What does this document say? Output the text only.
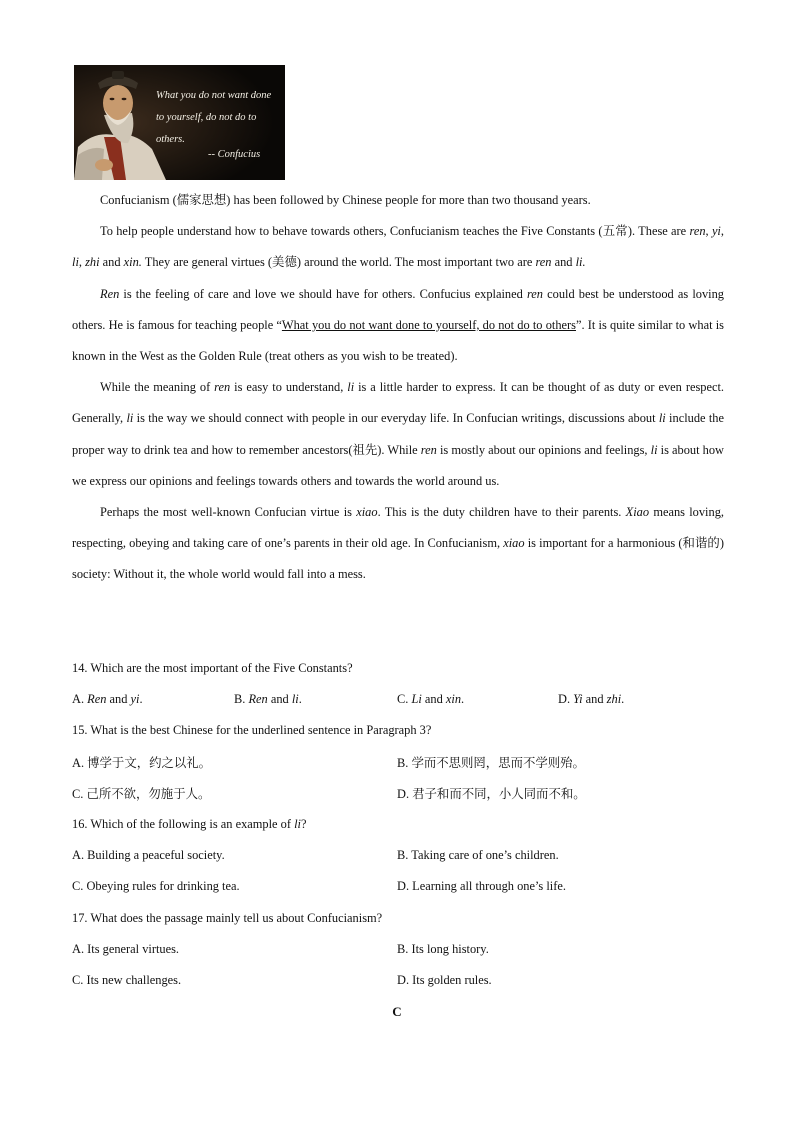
What you do not want done
to yourself, do not do to others.
-- Confucius

Confucianism (儒家思想) has been followed by Chinese people for more than two thousand years.

To help people understand how to behave towards others, Confucianism teaches the Five Constants (五常). These are ren, yi, li, zhi and xin. They are general virtues (美德) around the world. The most important two are ren and li.

Ren is the feeling of care and love we should have for others. Confucius explained ren could best be understood as loving others. He is famous for teaching people “What you do not want done to yourself, do not do to others”. It is quite similar to what is known in the West as the Golden Rule (treat others as you wish to be treated).

While the meaning of ren is easy to understand, li is a little harder to express. It can be thought of as duty or even respect. Generally, li is the way we should connect with people in our everyday life. In Confucian writings, discussions about li include the proper way to drink tea and how to remember ancestors(祖先). While ren is mostly about our opinions and feelings, li is about how we express our opinions and feelings towards others and towards the world around us.

Perhaps the most well-known Confucian virtue is xiao. This is the duty children have to their parents. Xiao means loving, respecting, obeying and taking care of one’s parents in their old age. In Confucianism, xiao is important for a harmonious (和谐的) society: Without it, the whole world would fall into a mess.

14. Which are the most important of the Five Constants?
A. Ren and yi.	B. Ren and li.	C. Li and xin.	D. Yi and zhi.
15. What is the best Chinese for the underlined sentence in Paragraph 3?
A. 博学于文，约之以礼。	B. 学而不思则罔，思而不学则殆。
C. 己所不欲，勿施于人。	D. 君子和而不同，小人同而不和。
16. Which of the following is an example of li?
A. Building a peaceful society.	B. Taking care of one’s children.
C. Obeying rules for drinking tea.	D. Learning all through one’s life.
17. What does the passage mainly tell us about Confucianism?
A. Its general virtues.	B. Its long history.
C. Its new challenges.	D. Its golden rules.
C
